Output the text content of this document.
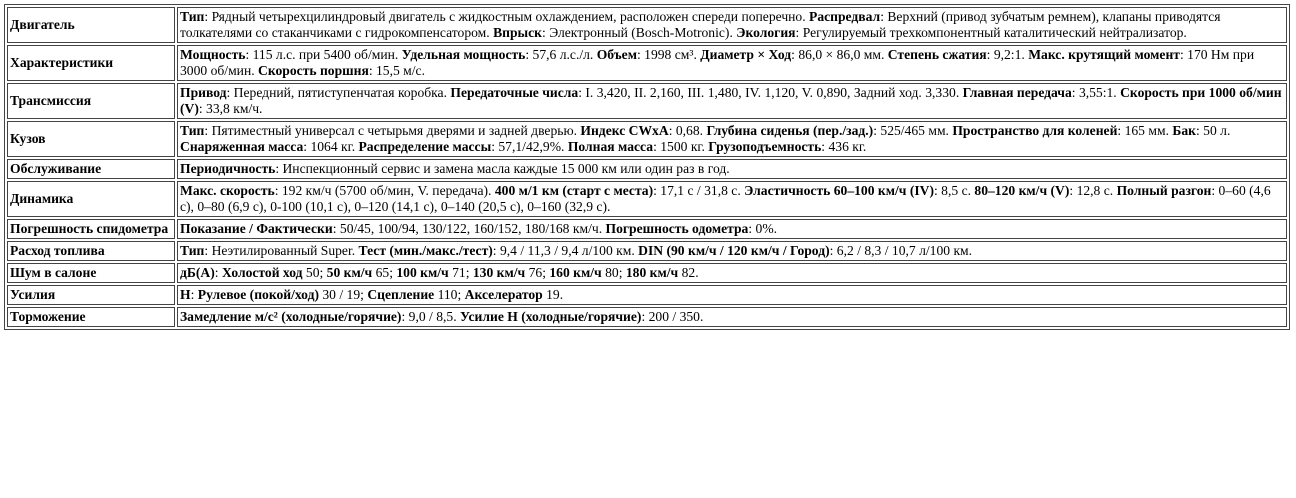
Двигатель	Тип: Рядный четырехцилиндровый двигатель с жидкостным охлаждением, расположен спереди поперечно. Распредвал: Верхний (привод зубчатым ремнем), клапаны приводятся толкателями со стаканчиками с гидрокомпенсатором. Впрыск: Электронный (Bosch-Motronic). Экология: Регулируемый трехкомпонентный каталитический нейтрализатор.
Характеристики	Мощность: 115 л.с. при 5400 об/мин. Удельная мощность: 57,6 л.с./л. Объем: 1998 см³. Диаметр × Ход: 86,0 × 86,0 мм. Степень сжатия: 9,2:1. Макс. крутящий момент: 170 Нм при 3000 об/мин. Скорость поршня: 15,5 м/с.
Трансмиссия	Привод: Передний, пятиступенчатая коробка. Передаточные числа: I. 3,420, II. 2,160, III. 1,480, IV. 1,120, V. 0,890, Задний ход. 3,330. Главная передача: 3,55:1. Скорость при 1000 об/мин (V): 33,8 км/ч.
Кузов	Тип: Пятиместный универсал с четырьмя дверями и задней дверью. Индекс CWxA: 0,68. Глубина сиденья (пер./зад.): 525/465 мм. Пространство для коленей: 165 мм. Бак: 50 л. Снаряженная масса: 1064 кг. Распределение массы: 57,1/42,9%. Полная масса: 1500 кг. Грузоподъемность: 436 кг.
Обслуживание	Периодичность: Инспекционный сервис и замена масла каждые 15 000 км или один раз в год.
Динамика	Макс. скорость: 192 км/ч (5700 об/мин, V. передача). 400 м/1 км (старт с места): 17,1 с / 31,8 с. Эластичность 60–100 км/ч (IV): 8,5 с. 80–120 км/ч (V): 12,8 с. Полный разгон: 0–60 (4,6 с), 0–80 (6,9 с), 0-100 (10,1 с), 0–120 (14,1 с), 0–140 (20,5 с), 0–160 (32,9 с).
Погрешность спидометра	Показание / Фактически: 50/45, 100/94, 130/122, 160/152, 180/168 км/ч. Погрешность одометра: 0%.
Расход топлива	Тип: Неэтилированный Super. Тест (мин./макс./тест): 9,4 / 11,3 / 9,4 л/100 км. DIN (90 км/ч / 120 км/ч / Город): 6,2 / 8,3 / 10,7 л/100 км.
Шум в салоне	дБ(А): Холостой ход 50; 50 км/ч 65; 100 км/ч 71; 130 км/ч 76; 160 км/ч 80; 180 км/ч 82.
Усилия	Н: Рулевое (покой/ход) 30 / 19; Сцепление 110; Акселератор 19.
Торможение	Замедление м/с² (холодные/горячие): 9,0 / 8,5. Усилие Н (холодные/горячие): 200 / 350.
